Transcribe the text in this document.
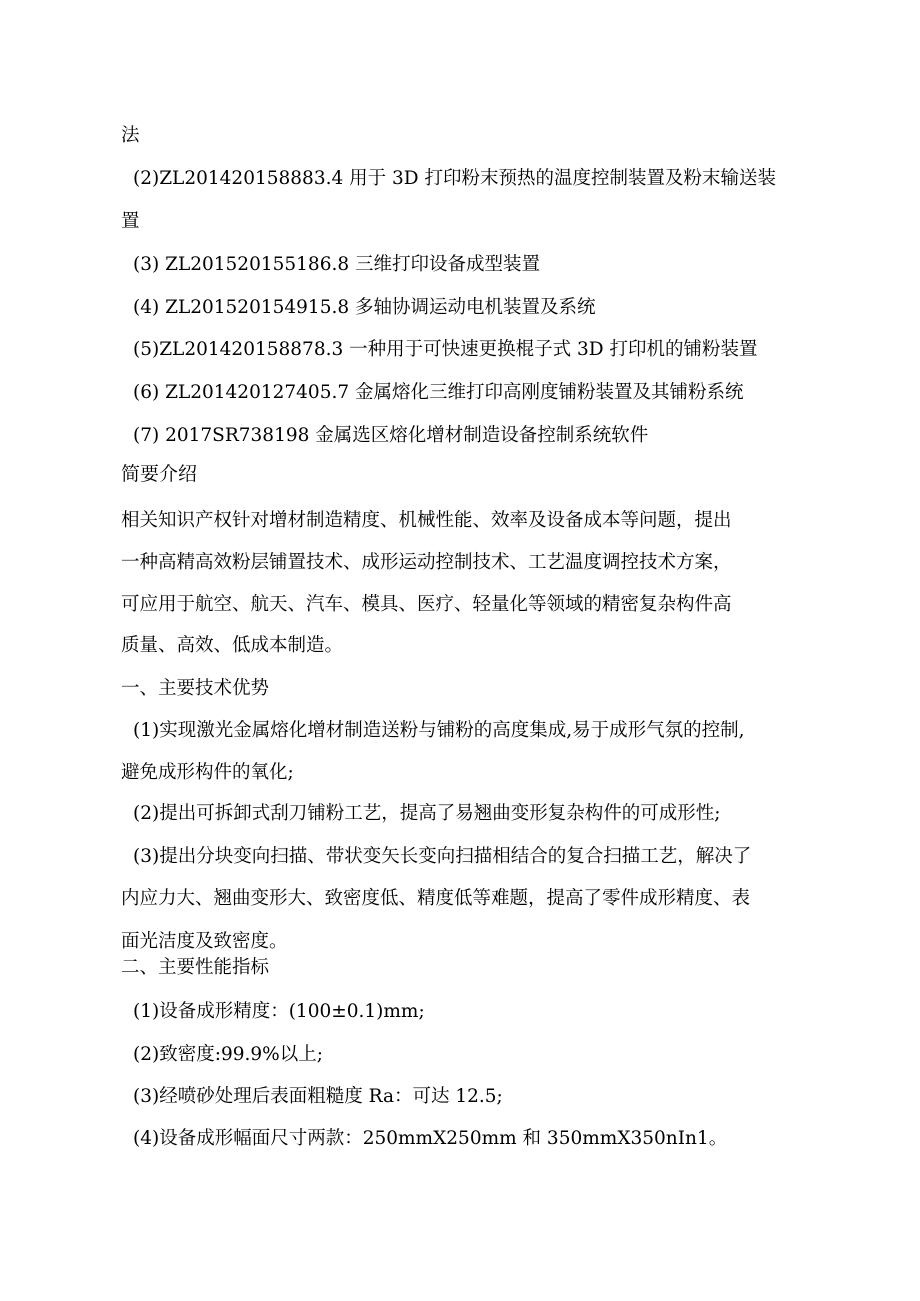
法
(2)ZL201420158883.4 用于 3D 打印粉末预热的温度控制装置及粉末输送装
置
(3) ZL201520155186.8 三维打印设备成型装置
(4) ZL201520154915.8 多轴协调运动电机装置及系统
(5)ZL201420158878.3 一种用于可快速更换棍子式 3D 打印机的铺粉装置
(6) ZL201420127405.7 金属熔化三维打印高刚度铺粉装置及其铺粉系统
(7) 2017SR738198 金属选区熔化增材制造设备控制系统软件
简要介绍
相关知识产权针对增材制造精度、机械性能、效率及设备成本等问题，提出
一种高精高效粉层铺置技术、成形运动控制技术、工艺温度调控技术方案，
可应用于航空、航天、汽车、模具、医疗、轻量化等领域的精密复杂构件高
质量、高效、低成本制造。
一、主要技术优势
(1)实现激光金属熔化增材制造送粉与铺粉的高度集成,易于成形气氛的控制,
避免成形构件的氧化;
(2)提出可拆卸式刮刀铺粉工艺，提高了易翘曲变形复杂构件的可成形性;
(3)提出分块变向扫描、带状变矢长变向扫描相结合的复合扫描工艺，解决了
内应力大、翘曲变形大、致密度低、精度低等难题，提高了零件成形精度、表
面光洁度及致密度。
二、主要性能指标
(1)设备成形精度：(100±0.1)mm;
(2)致密度:99.9%以上;
(3)经喷砂处理后表面粗糙度 Ra：可达 12.5;
(4)设备成形幅面尺寸两款：250mmX250mm 和 350mmX350nIn1。
